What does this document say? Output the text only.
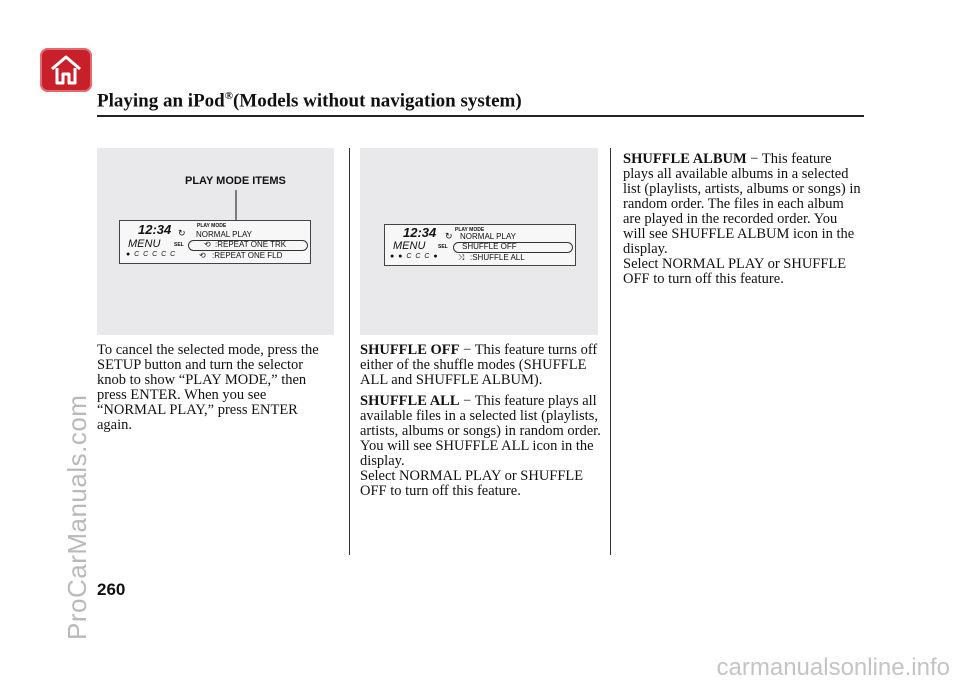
Playing an iPod®(Models without navigation system)
PLAY MODE ITEMS
12:34
MENU
PLAY MODE
SEL
↻ NORMAL PLAY
⟲ :REPEAT ONE TRK
⟲ :REPEAT ONE FLD
● C C C C C
12:34
MENU
PLAY MODE
SEL
↻ NORMAL PLAY
SHUFFLE OFF
⤨ :SHUFFLE ALL
● ● C C C ●

To cancel the selected mode, press the SETUP button and turn the selector knob to show “PLAY MODE,” then press ENTER. When you see “NORMAL PLAY,” press ENTER again.

SHUFFLE OFF − This feature turns off either of the shuffle modes (SHUFFLE ALL and SHUFFLE ALBUM).

SHUFFLE ALL − This feature plays all available files in a selected list (playlists, artists, albums or songs) in random order.

You will see SHUFFLE ALL icon in the display.

Select NORMAL PLAY or SHUFFLE OFF to turn off this feature.

SHUFFLE ALBUM − This feature plays all available albums in a selected list (playlists, artists, albums or songs) in random order. The files in each album are played in the recorded order. You will see SHUFFLE ALBUM icon in the display.

Select NORMAL PLAY or SHUFFLE OFF to turn off this feature.

260
ProCarManuals.com
carmanualsonline.info
